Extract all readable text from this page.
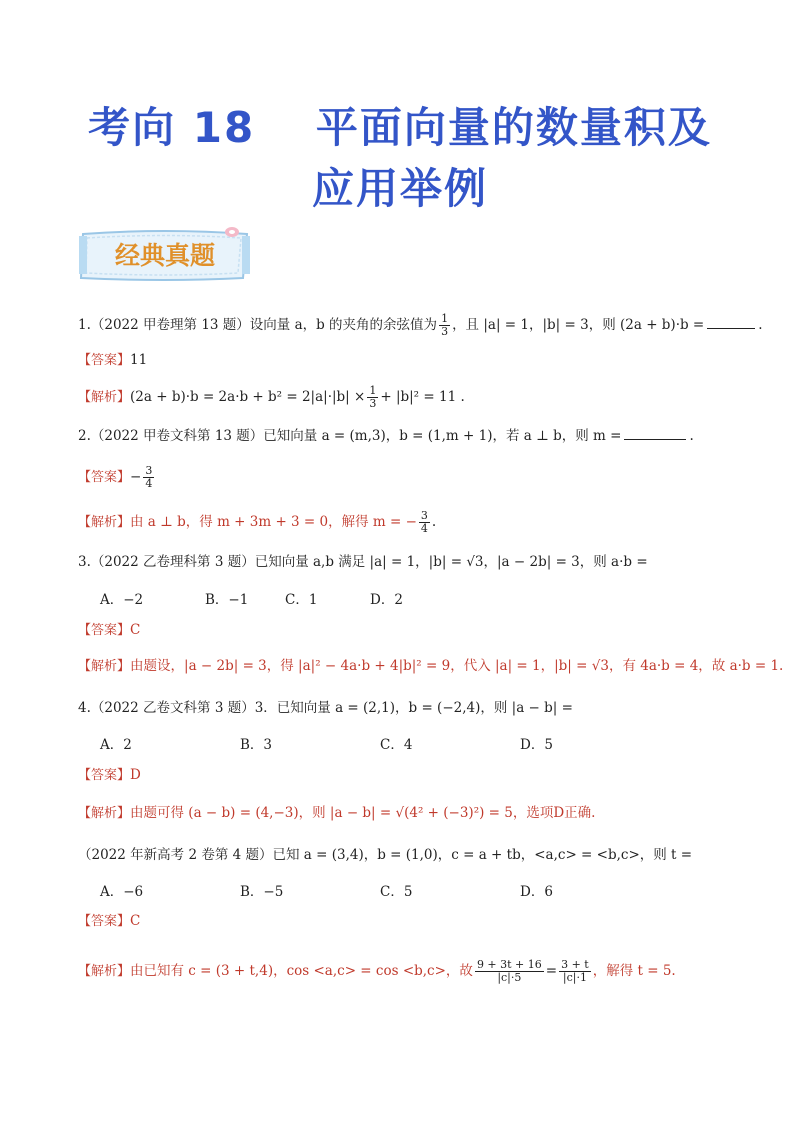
考向 18　 平面向量的数量积及
应用举例
经典真题
1.（2022 甲卷理第 13 题）设向量 a，b 的夹角的余弦值为 $\frac{1}{3}$ ，且 |a| = 1，|b| = 3，则 (2a + b)·b =	.
【答案】11
【解析】$(2a + b)\cdot b = 2a\cdot b + b^2 = 2|a|\cdot|b| \times \frac{1}{3} + |b|^2 = 11$ .
2.（2022 甲卷文科第 13 题）已知向量 a = (m,3)，b = (1,m + 1)，若 a ⊥ b，则 m =	.
【答案】− $\frac{3}{4}$
【解析】由 a ⊥ b，得 m + 3m + 3 = 0，解得 m = − $\frac{3}{4}$ .
3.（2022 乙卷理科第 3 题）已知向量 a,b 满足 |a| = 1，|b| = √3，|a − 2b| = 3，则 a·b =
A．−2	B．−1	C．1	D．2
【答案】C
【解析】由题设，|a − 2b| = 3，得 |a|² − 4a·b + 4|b|² = 9，代入 |a| = 1，|b| = √3，有 4a·b = 4，故 a·b = 1.
4.（2022 乙卷文科第 3 题）3．已知向量 a = (2,1)，b = (−2,4)，则 |a − b| =
A．2	B．3	C．4	D．5
【答案】D
【解析】由题可得 (a − b) = (4,−3)，则 |a − b| = √(4² + (−3)²) = 5，选项D正确.
（2022 年新高考 2 卷第 4 题）已知 a = (3,4)，b = (1,0)，c = a + tb，<a,c> = <b,c>，则 t =
A．−6	B．−5	C．5	D．6
【答案】C
【解析】由已知有 c = (3 + t,4)，cos <a,c> = cos <b,c>，故 $\frac{9 + 3t + 16}{|c|\cdot 5} = \frac{3 + t}{|c|\cdot 1}$ ，解得 t = 5.
